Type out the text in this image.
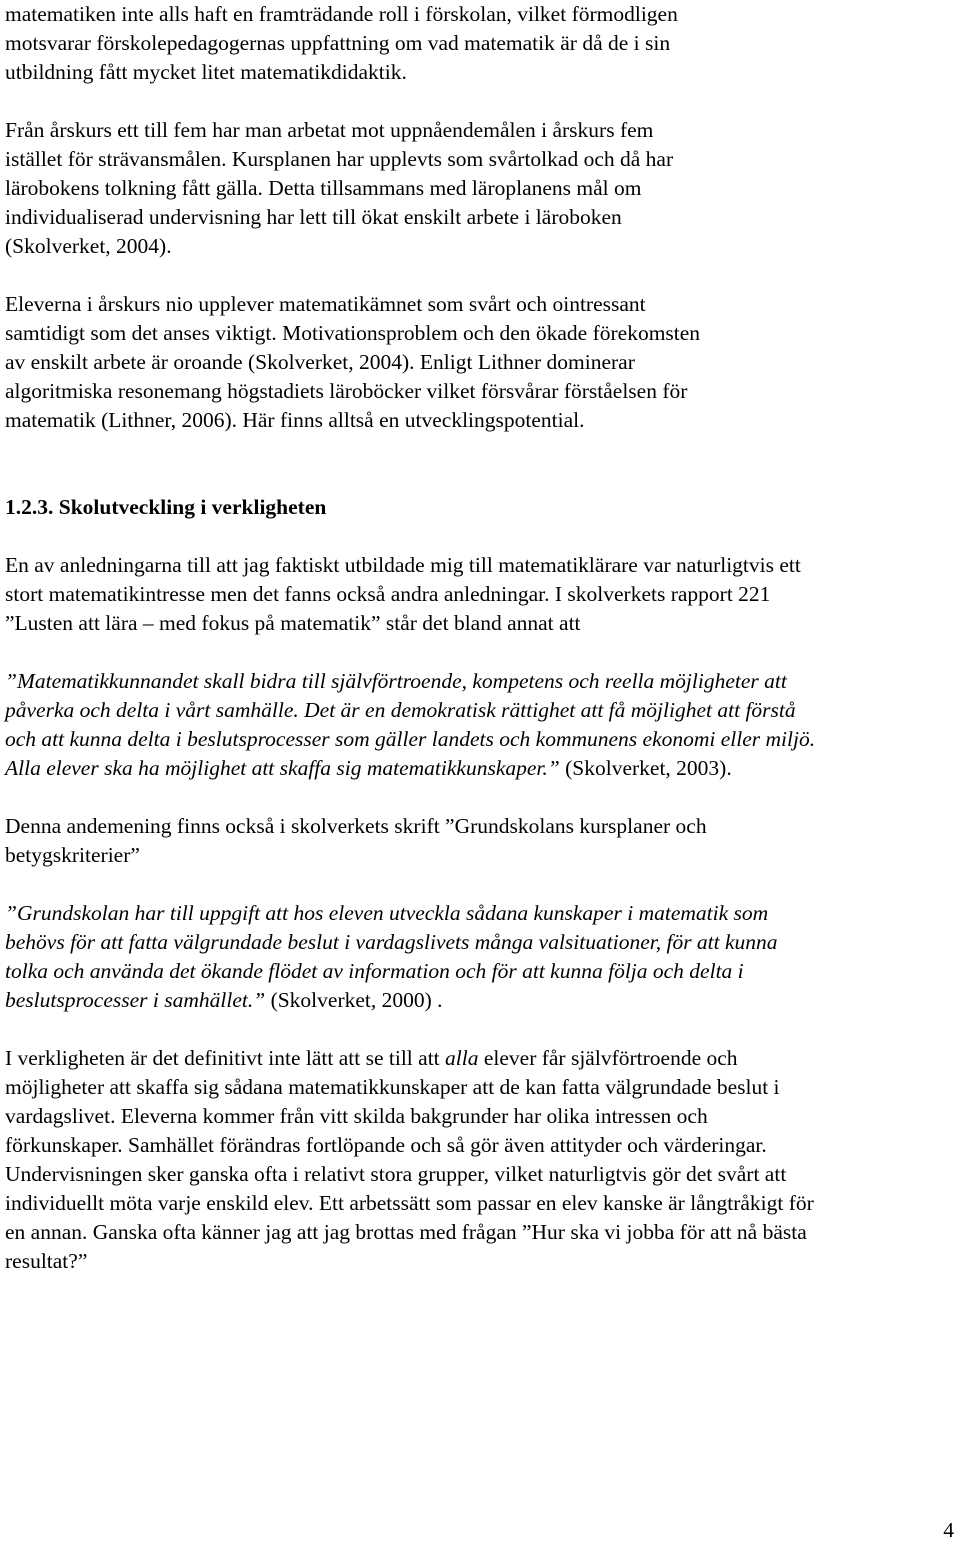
matematiken inte alls haft en framträdande roll i förskolan, vilket förmodligen
motsvarar förskolepedagogernas uppfattning om vad matematik är då de i sin
utbildning fått mycket litet matematikdidaktik.
Från årskurs ett till fem har man arbetat mot uppnåendemålen i årskurs fem
istället för strävansmålen. Kursplanen har upplevts som svårtolkad och då har
lärobokens tolkning fått gälla. Detta tillsammans med läroplanens mål om
individualiserad undervisning har lett till ökat enskilt arbete i läroboken
(Skolverket, 2004).
Eleverna i årskurs nio upplever matematikämnet som svårt och ointressant
samtidigt som det anses viktigt. Motivationsproblem och den ökade förekomsten
av enskilt arbete är oroande (Skolverket, 2004). Enligt Lithner dominerar
algoritmiska resonemang högstadiets läroböcker vilket försvårar förståelsen för
matematik (Lithner, 2006). Här finns alltså en utvecklingspotential.
1.2.3. Skolutveckling i verkligheten
En av anledningarna till att jag faktiskt utbildade mig till matematiklärare var naturligtvis ett
stort matematikintresse men det fanns också andra anledningar. I skolverkets rapport 221
”Lusten att lära – med fokus på matematik” står det bland annat att
”Matematikkunnandet skall bidra till självförtroende, kompetens och reella möjligheter att
påverka och delta i vårt samhälle. Det är en demokratisk rättighet att få möjlighet att förstå
och att kunna delta i beslutsprocesser som gäller landets och kommunens ekonomi eller miljö.
Alla elever ska ha möjlighet att skaffa sig matematikkunskaper.” (Skolverket, 2003).
Denna andemening finns också i skolverkets skrift ”Grundskolans kursplaner och
betygskriterier”
”Grundskolan har till uppgift att hos eleven utveckla sådana kunskaper i matematik som
behövs för att fatta välgrundade beslut i vardagslivets många valsituationer, för att kunna
tolka och använda det ökande flödet av information och för att kunna följa och delta i
beslutsprocesser i samhället.” (Skolverket, 2000) .
I verkligheten är det definitivt inte lätt att se till att alla elever får självförtroende och
möjligheter att skaffa sig sådana matematikkunskaper att de kan fatta välgrundade beslut i
vardagslivet. Eleverna kommer från vitt skilda bakgrunder har olika intressen och
förkunskaper. Samhället förändras fortlöpande och så gör även attityder och värderingar.
Undervisningen sker ganska ofta i relativt stora grupper, vilket naturligtvis gör det svårt att
individuellt möta varje enskild elev. Ett arbetssätt som passar en elev kanske är långtråkigt för
en annan. Ganska ofta känner jag att jag brottas med frågan ”Hur ska vi jobba för att nå bästa
resultat?”
4
